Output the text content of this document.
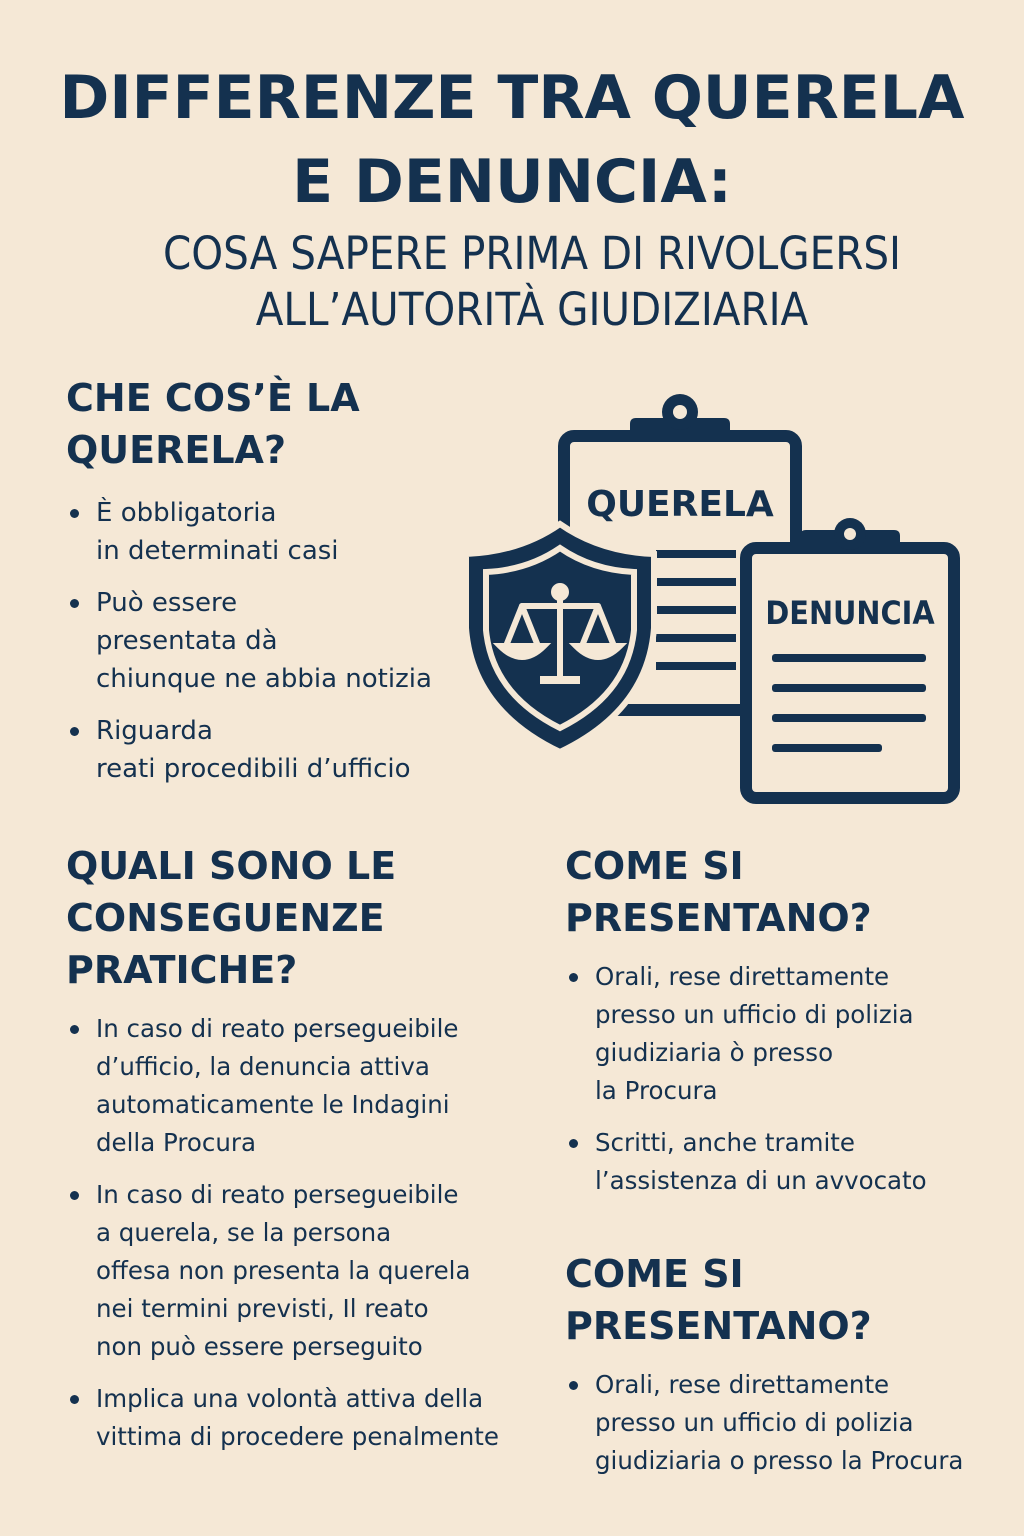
DIFFERENZE TRA QUERELA
E DENUNCIA:
COSA SAPERE PRIMA DI RIVOLGERSI
ALL’AUTORITÀ GIUDIZIARIA
CHE COS’È LA
QUERELA?
È obbligatoria
in determinati casi
Può essere
presentata dà
chiunque ne abbia notizia
Riguarda
reati procedibili d’ufficio
QUERELA
DENUNCIA
QUALI SONO LE
CONSEGUENZE
PRATICHE?
In caso di reato persegueibile
d’ufficio, la denuncia attiva
automaticamente le Indagini
della Procura
In caso di reato persegueibile
a querela, se la persona
offesa non presenta la querela
nei termini previsti, Il reato
non può essere perseguito
Implica una volontà attiva della
vittima di procedere penalmente
COME SI
PRESENTANO?
Orali, rese direttamente
presso un ufficio di polizia
giudiziaria ò presso
la Procura
Scritti, anche tramite
l’assistenza di un avvocato
COME SI
PRESENTANO?
Orali, rese direttamente
presso un ufficio di polizia
giudiziaria o presso la Procura
